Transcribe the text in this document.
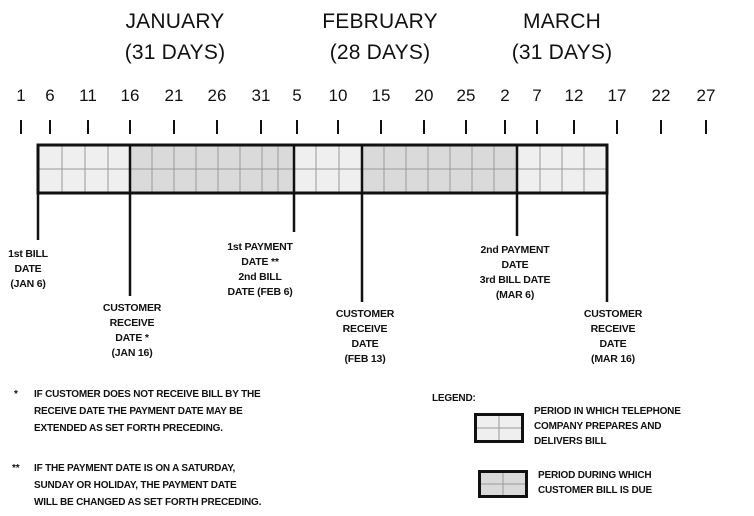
JANUARY
(31 DAYS)
FEBRUARY
(28 DAYS)
MARCH
(31 DAYS)
1	6	11	16	21	26	31	5	10	15	20	25	2	7	12	17	22	27
1st BILL
DATE
(JAN 6)
CUSTOMER
RECEIVE
DATE *
(JAN 16)
1st PAYMENT
DATE **
2nd BILL
DATE (FEB 6)
CUSTOMER
RECEIVE
DATE
(FEB 13)
2nd PAYMENT
DATE
3rd BILL DATE
(MAR 6)
CUSTOMER
RECEIVE
DATE
(MAR 16)
* IF CUSTOMER DOES NOT RECEIVE BILL BY THE
RECEIVE DATE THE PAYMENT DATE MAY BE
EXTENDED AS SET FORTH PRECEDING.
** IF THE PAYMENT DATE IS ON A SATURDAY,
SUNDAY OR HOLIDAY, THE PAYMENT DATE
WILL BE CHANGED AS SET FORTH PRECEDING.
LEGEND:
PERIOD IN WHICH TELEPHONE
COMPANY PREPARES AND
DELIVERS BILL
PERIOD DURING WHICH
CUSTOMER BILL IS DUE
